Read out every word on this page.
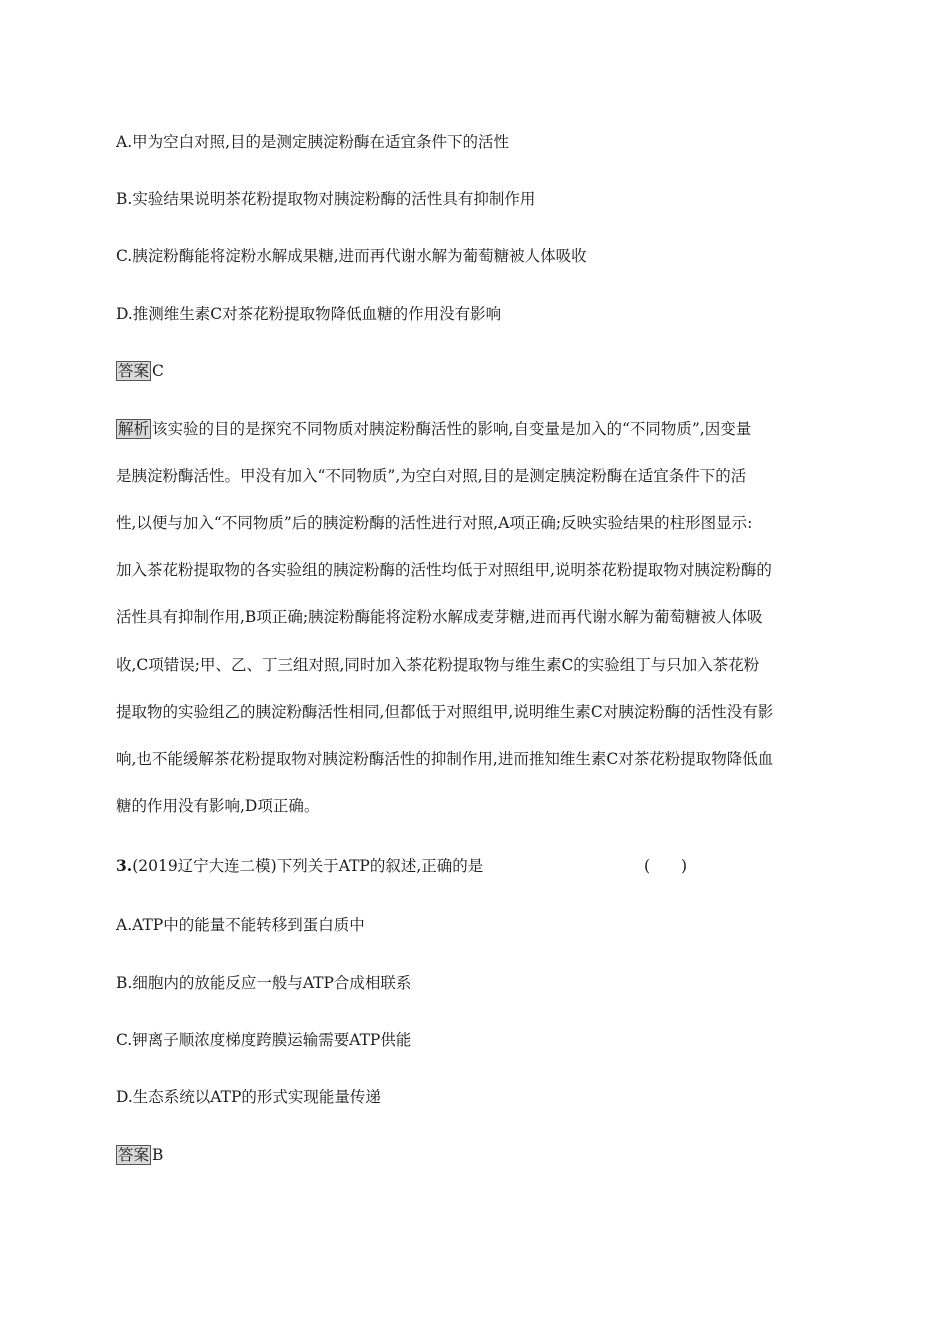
A.甲为空白对照,目的是测定胰淀粉酶在适宜条件下的活性
B.实验结果说明茶花粉提取物对胰淀粉酶的活性具有抑制作用
C.胰淀粉酶能将淀粉水解成果糖,进而再代谢水解为葡萄糖被人体吸收
D.推测维生素C对茶花粉提取物降低血糖的作用没有影响
答案 C
解析 该实验的目的是探究不同物质对胰淀粉酶活性的影响,自变量是加入的“不同物质”,因变量
是胰淀粉酶活性。甲没有加入“不同物质”,为空白对照,目的是测定胰淀粉酶在适宜条件下的活
性,以便与加入“不同物质”后的胰淀粉酶的活性进行对照,A项正确;反映实验结果的柱形图显示:
加入茶花粉提取物的各实验组的胰淀粉酶的活性均低于对照组甲,说明茶花粉提取物对胰淀粉酶的
活性具有抑制作用,B项正确;胰淀粉酶能将淀粉水解成麦芽糖,进而再代谢水解为葡萄糖被人体吸
收,C项错误;甲、乙、丁三组对照,同时加入茶花粉提取物与维生素C的实验组丁与只加入茶花粉
提取物的实验组乙的胰淀粉酶活性相同,但都低于对照组甲,说明维生素C对胰淀粉酶的活性没有影
响,也不能缓解茶花粉提取物对胰淀粉酶活性的抑制作用,进而推知维生素C对茶花粉提取物降低血
糖的作用没有影响,D项正确。
3.(2019辽宁大连二模)下列关于ATP的叙述,正确的是	(　　)
A.ATP中的能量不能转移到蛋白质中
B.细胞内的放能反应一般与ATP合成相联系
C.钾离子顺浓度梯度跨膜运输需要ATP供能
D.生态系统以ATP的形式实现能量传递
答案 B
